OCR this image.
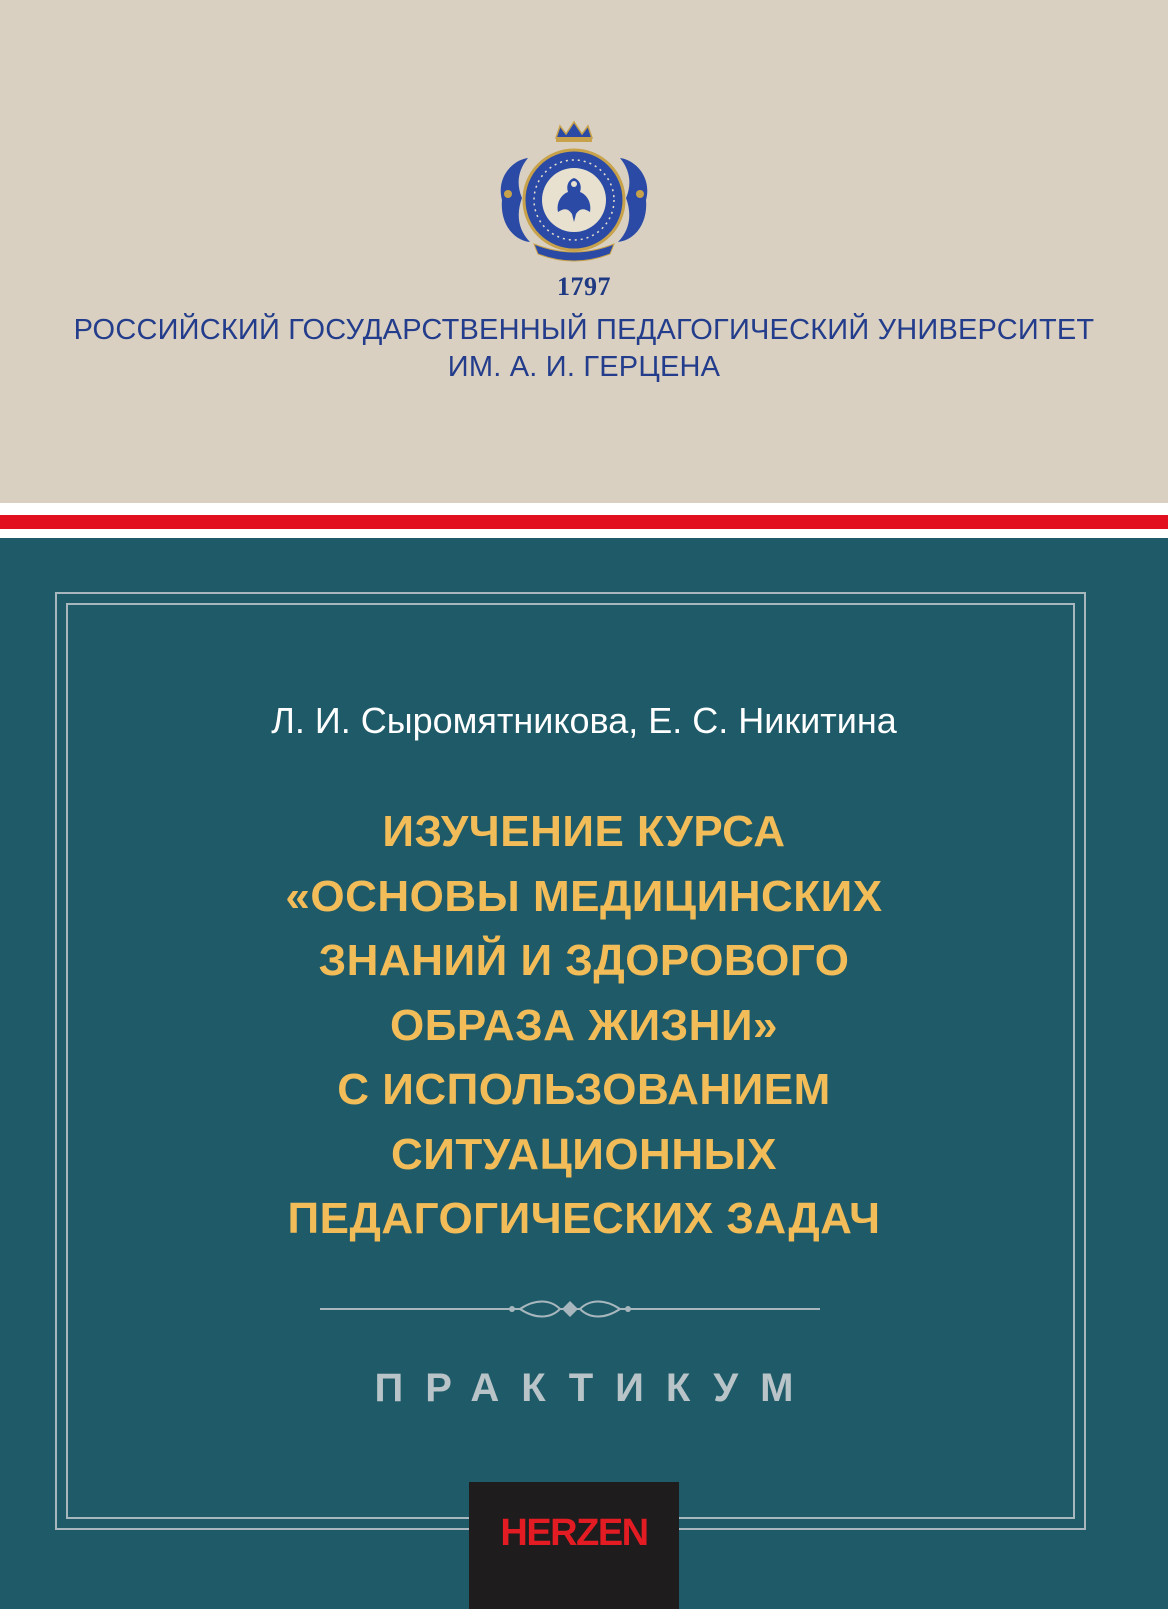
1797
РОССИЙСКИЙ ГОСУДАРСТВЕННЫЙ ПЕДАГОГИЧЕСКИЙ УНИВЕРСИТЕТ
ИМ. А. И. ГЕРЦЕНА
Л. И. Сыромятникова, Е. С. Никитина
ИЗУЧЕНИЕ КУРСА
«ОСНОВЫ МЕДИЦИНСКИХ
ЗНАНИЙ И ЗДОРОВОГО
ОБРАЗА ЖИЗНИ»
С ИСПОЛЬЗОВАНИЕМ
СИТУАЦИОННЫХ
ПЕДАГОГИЧЕСКИХ ЗАДАЧ
ПРАКТИКУМ
HERZEN
